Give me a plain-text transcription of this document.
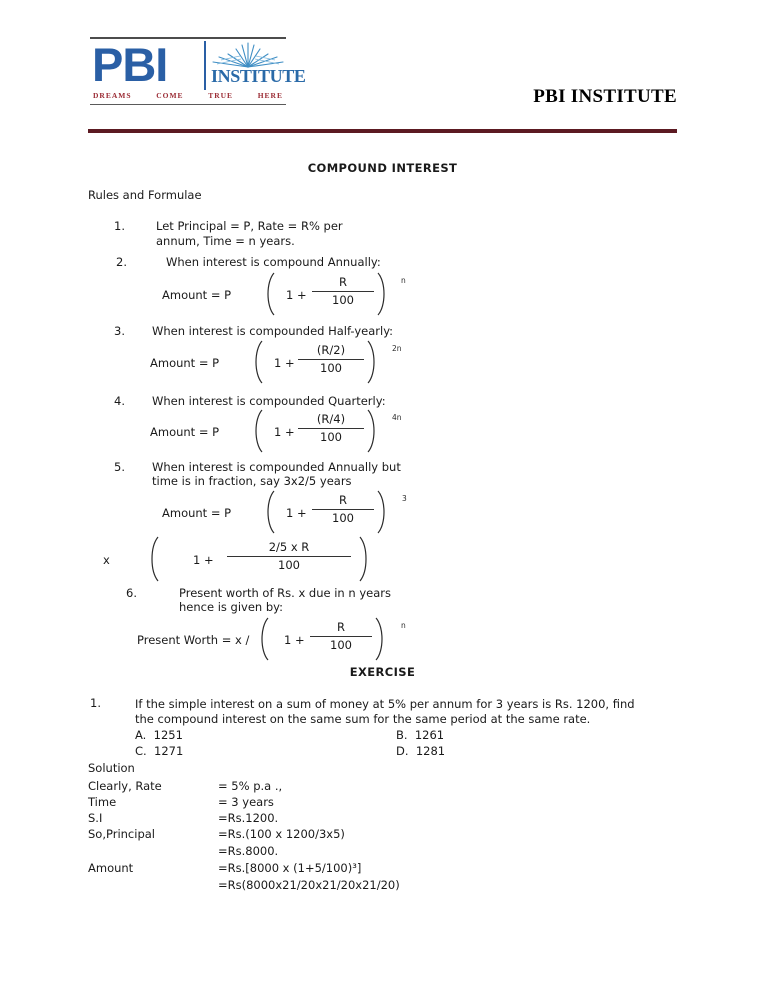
PBI INSTITUTE
DREAMS	COME	TRUE	HERE	PBI INSTITUTE
COMPOUND INTEREST
Rules and Formulae
1.	Let Principal = P, Rate = R% per
annum, Time = n years.
2.	When interest is compound Annually:
Amount = P	1 +
R
100
n
3. When interest is compounded Half-yearly:
Amount = P	1 +
(R/2)
100
2n
4. When interest is compounded Quarterly:
Amount = P	1 +
(R/4)
100
4n
5. When interest is compounded Annually but
time is in fraction, say 3x2/5 years
Amount = P	1 +
R
100
3
x	1 +
2/5 x R
100
6.	Present worth of Rs. x due in n years
hence is given by:
Present Worth = x /	1 +
R
100
n
EXERCISE
1.	If the simple interest on a sum of money at 5% per annum for 3 years is Rs. 1200, find
the compound interest on the same sum for the same period at the same rate.
A. 1251	B. 1261
C. 1271	D. 1281
Solution
Clearly, Rate	= 5% p.a .,
Time	= 3 years
S.I	=Rs.1200.
So,Principal	=Rs.(100 x 1200/3x5)
=Rs.8000.
Amount	=Rs.[8000 x (1+5/100)³]
=Rs(8000x21/20x21/20x21/20)
